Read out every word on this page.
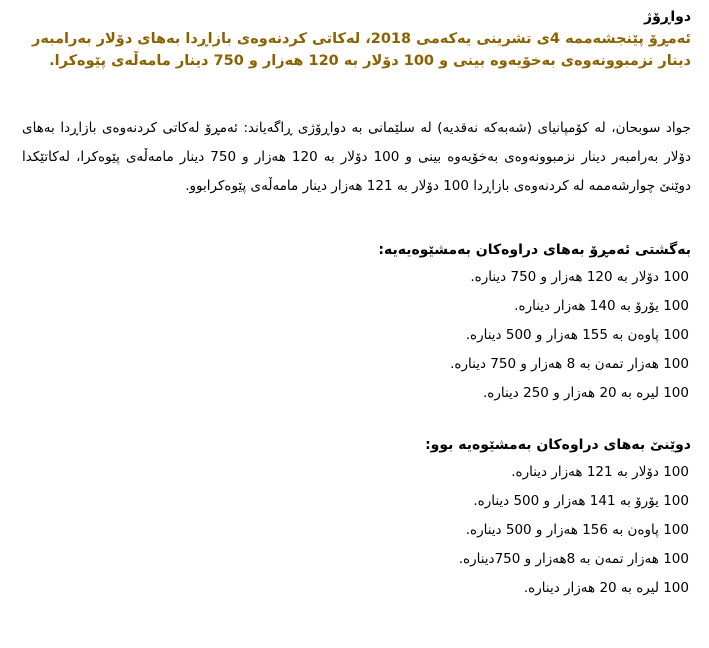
دواڕۆژ

ئەمڕۆ پێنجشەممە 4ی تشرینی یەکەمی 2018، لەکاتی کردنەوەی بازاڕدا بەهای دۆلار بەرامبەر دینار نزمبوونەوەی بەخۆیەوە بینی و 100 دۆلار بە 120 هەزار و 750 دینار مامەڵەی پێوەکرا.

جواد سوبحان، لە کۆمپانیای (شەبەکە نەقدیە) لە سلێمانی بە دواڕۆژی ڕاگەیاند: ئەمڕۆ لەکاتی کردنەوەی بازاڕدا بەهای دۆلار بەرامبەر دینار نزمبوونەوەی بەخۆیەوە بینی و 100 دۆلار بە 120 هەزار و 750 دینار مامەڵەی پێوەکرا، لەکاتێکدا دوێنێ چوارشەممە لە کردنەوەی بازاڕدا 100 دۆلار بە 121 هەزار دینار مامەڵەی پێوەکرابوو.

بەگشتی ئەمڕۆ بەهای دراوەکان بەمشێوەیەیە:

100 دۆلار بە 120 هەزار و 750 دیناره.
100 یۆرۆ بە 140 هەزار دیناره.
100 پاوەن بە 155 هەزار و 500 دیناره.
100 هەزار تمەن بە 8 هەزار و 750 دیناره.
100 لیرە بە 20 هەزار و 250 دیناره.

دوێنێ بەهای دراوەکان بەمشێوەیە بوو:

100 دۆلار بە 121 هەزار دیناره.
100 یۆرۆ بە 141 هەزار و 500 دیناره.
100 پاوەن بە 156 هەزار و 500 دیناره.
100 هەزار تمەن بە 8هەزار و 750دیناره.
100 لیرە بە 20 هەزار دیناره.
